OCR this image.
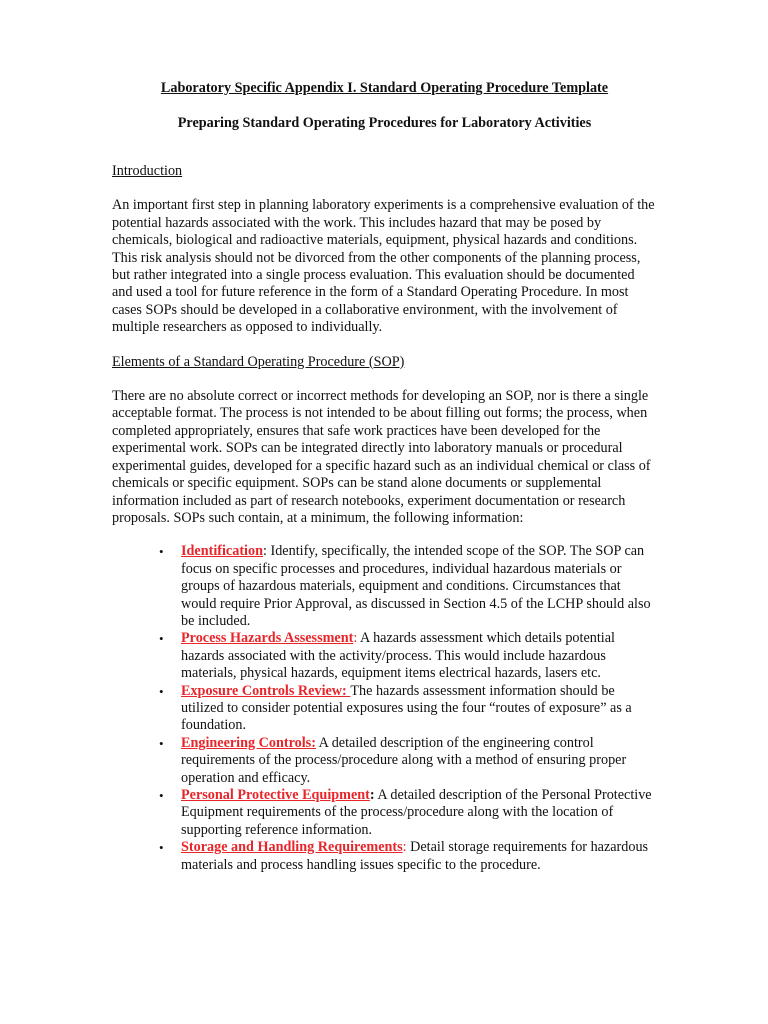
Laboratory Specific Appendix I. Standard Operating Procedure Template

Preparing Standard Operating Procedures for Laboratory Activities

Introduction

An important first step in planning laboratory experiments is a comprehensive evaluation of the potential hazards associated with the work. This includes hazard that may be posed by chemicals, biological and radioactive materials, equipment, physical hazards and conditions. This risk analysis should not be divorced from the other components of the planning process, but rather integrated into a single process evaluation. This evaluation should be documented and used a tool for future reference in the form of a Standard Operating Procedure. In most cases SOPs should be developed in a collaborative environment, with the involvement of multiple researchers as opposed to individually.

Elements of a Standard Operating Procedure (SOP)

There are no absolute correct or incorrect methods for developing an SOP, nor is there a single acceptable format. The process is not intended to be about filling out forms; the process, when completed appropriately, ensures that safe work practices have been developed for the experimental work. SOPs can be integrated directly into laboratory manuals or procedural experimental guides, developed for a specific hazard such as an individual chemical or class of chemicals or specific equipment. SOPs can be stand alone documents or supplemental information included as part of research notebooks, experiment documentation or research proposals. SOPs such contain, at a minimum, the following information:

• Identification: Identify, specifically, the intended scope of the SOP. The SOP can focus on specific processes and procedures, individual hazardous materials or groups of hazardous materials, equipment and conditions. Circumstances that would require Prior Approval, as discussed in Section 4.5 of the LCHP should also be included.
• Process Hazards Assessment: A hazards assessment which details potential hazards associated with the activity/process. This would include hazardous materials, physical hazards, equipment items electrical hazards, lasers etc.
• Exposure Controls Review: The hazards assessment information should be utilized to consider potential exposures using the four “routes of exposure” as a foundation.
• Engineering Controls: A detailed description of the engineering control requirements of the process/procedure along with a method of ensuring proper operation and efficacy.
• Personal Protective Equipment: A detailed description of the Personal Protective Equipment requirements of the process/procedure along with the location of supporting reference information.
• Storage and Handling Requirements: Detail storage requirements for hazardous materials and process handling issues specific to the procedure.
